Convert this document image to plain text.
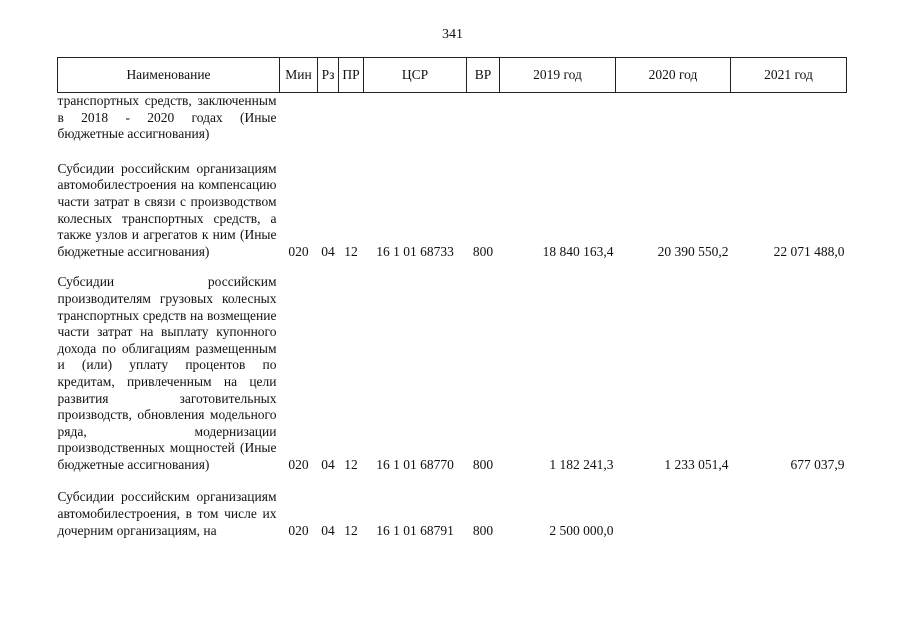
341
Наименование	Мин	Рз	ПР	ЦСР	ВР	2019 год	2020 год	2021 год
транспортных средств, заключенным в 2018 - 2020 годах (Иные бюджетные ассигнования)								

Субсидии российским организациям автомобилестроения на компенсацию части затрат в связи с производством колесных транспортных средств, а также узлов и агрегатов к ним (Иные бюджетные ассигнования)	020	04	12	16 1 01 68733	800	18 840 163,4	20 390 550,2	22 071 488,0

Субсидии российским производителям грузовых колесных транспортных средств на возмещение части затрат на выплату купонного дохода по облигациям размещенным и (или) уплату процентов по кредитам, привлеченным на цели развития заготовительных производств, обновления модельного ряда, модернизации производственных мощностей (Иные бюджетные ассигнования)	020	04	12	16 1 01 68770	800	1 182 241,3	1 233 051,4	677 037,9

Субсидии российским организациям автомобилестроения, в том числе их дочерним организациям, на	020	04	12	16 1 01 68791	800	2 500 000,0		
